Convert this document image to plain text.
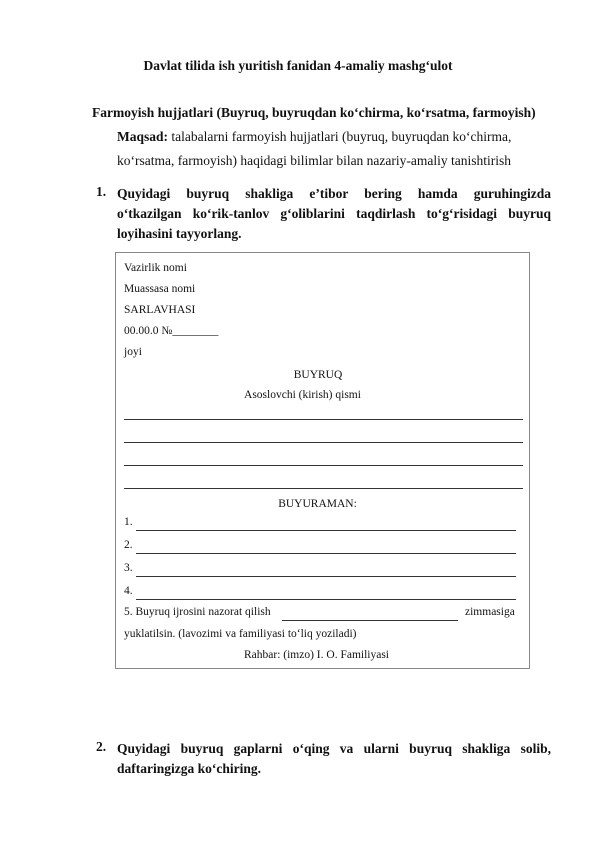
Davlat tilida ish yuritish fanidan 4-amaliy mashg‘ulot
Farmoyish hujjatlari (Buyruq, buyruqdan ko‘chirma, ko‘rsatma, farmoyish)
Maqsad: talabalarni farmoyish hujjatlari (buyruq, buyruqdan ko‘chirma,
ko‘rsatma, farmoyish) haqidagi bilimlar bilan nazariy-amaliy tanishtirish
1. Quyidagi buyruq shakliga e’tibor bering hamda guruhingizda
o‘tkazilgan ko‘rik-tanlov g‘oliblarini taqdirlash to‘g‘risidagi buyruq
loyihasini tayyorlang.
Vazirlik nomi
Muassasa nomi
SARLAVHASI
00.00.0 №________
joyi
BUYRUQ
Asoslovchi (kirish) qismi
BUYURAMAN:
1.
2.
3.
4.
5. Buyruq ijrosini nazorat qilish	zimmasiga
yuklatilsin. (lavozimi va familiyasi to‘liq yoziladi)
Rahbar: (imzo) I. O. Familiyasi
2. Quyidagi buyruq gaplarni o‘qing va ularni buyruq shakliga solib,
daftaringizga ko‘chiring.
